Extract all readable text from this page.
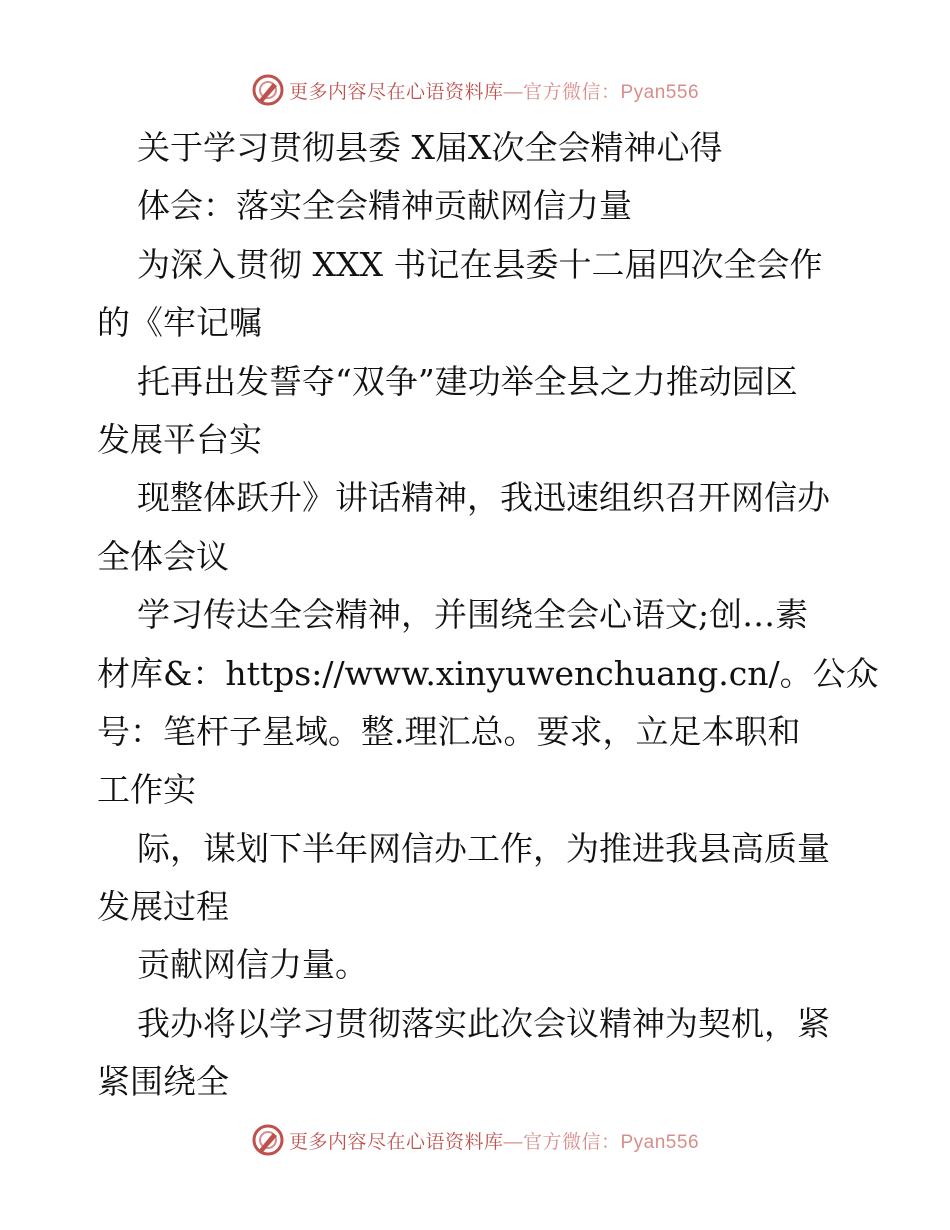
更多内容尽在心语资料库—官方微信：Pyan556
关于学习贯彻县委 X届X次全会精神心得
体会：落实全会精神贡献网信力量
为深入贯彻 XXX 书记在县委十二届四次全会作
的《牢记嘱
托再出发誓夺“双争”建功举全县之力推动园区
发展平台实
现整体跃升》讲话精神，我迅速组织召开网信办
全体会议
学习传达全会精神，并围绕全会心语文;创…素
材库&：https://www.xinyuwenchuang.cn/。公众
号：笔杆子星域。整.理汇总。要求，立足本职和
工作实
际，谋划下半年网信办工作，为推进我县高质量
发展过程
贡献网信力量。
我办将以学习贯彻落实此次会议精神为契机，紧
紧围绕全
更多内容尽在心语资料库—官方微信：Pyan556
